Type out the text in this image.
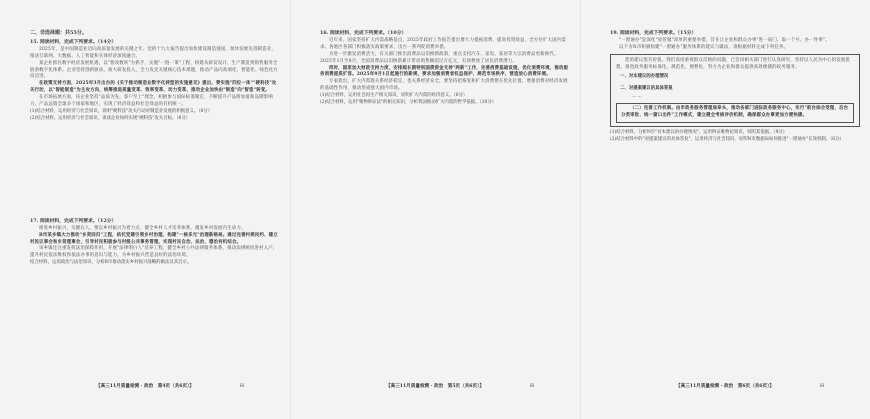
二、非选择题：共55分。
15. 阅读材料，完成下列要求。（14分）
2025年，是中国制造业迈向高质量发展的关键之年。党的十九大报告提出加快建设制造强国，加快发展先进制造业，推动互联网、大数据、人工智能和实体经济深度融合。
某企业抓住数字经济发展机遇，以"智改数转"为抓手，实施"一链一策"工程，构建从研发设计、生产制造到销售服务全链条数字化体系。企业坚持创新驱动，加大研发投入，全力攻克关键核心技术难题，推动产品向高端化、智能化、绿色化方向迈进。
在政策支持方面，2025年3月出台的《关于推动制造业数字化转型的实施意见》提出，要实施"四位一体""硬科技"攻关行动，以"智能制造"为主攻方向，统筹推进质量变革、效率变革、动力变革，推动企业加快由"制造"向"智造"转变。
在市场拓展方面，该企业坚持"品质为先，客户至上"理念，积极参与国际标准制定，不断提升产品附加值和品牌影响力，产品远销全球多个国家和地区，实现了经济效益和社会效益的有机统一。
(1)结合材料，运用经济与社会知识，说明"硬科技"攻关行动对制造业发展的积极意义。（8分）
(2)结合材料，运用经济与社会知识，谈谈企业如何实现"硬科技"攻关目标。（6分）
17. 阅读材料，完成下列要求。（12分）
推进乡村振兴，关键在人。要以乡村振兴为着力点，健全乡村人才培养体系，激发乡村发展内生动力。
B市某乡镇大力推动"乡贤回归"工程，依托党建引领乡村治理，构建"一核多元"治理新格局。通过完善村规民约、建立村民议事会和乡贤理事会，引导村民积极参与村级公共事务管理，实现村民自治、法治、德治有机结合。
该乡镇还注重发挥法治保障作用，开展"法律明白人"培养工程，健全乡村公共法律服务体系，推动法律顾问进村入户，提升村民依法维权和依法办事的意识与能力，为乡村振兴营造良好的法治环境。
结合材料，运用政治与法治知识，分析B市推动落实乡村振兴战略的做法及其启示。
【高三11月质量检测 · 政治　第4页（共6页）】	H
16. 阅读材料，完成下列要求。（10分）
近年来，国家坚持扩大内需战略基点，2025年政府工作报告提出要大力提振消费、提高投资效益，全方位扩大国内需求。各地区各部门积极落实政策要求，出台一系列促消费举措。
为进一步激发消费活力，有关部门推出消费品以旧换新政策，重点支持汽车、家电、家居等大宗消费品更新换代。2025年1月至8月，全国消费品以旧换新累计带动销售额超过万亿元，有效释放了居民消费潜力。
同时，国家加大财政支持力度，安排超长期特别国债资金支持"两新"工作，完善消费基础设施，优化消费环境，推动服务消费提质扩容。2025年9月1日起施行的新规，要求加强消费者权益保护，规范市场秩序，营造放心消费环境。
专家指出，扩大内需既关系经济稳定，也关系经济安全，要坚持把恢复和扩大消费摆在优先位置，增强消费对经济发展的基础性作用，推动形成强大国内市场。
(1)结合材料，运用社会再生产相关知识，说明扩大内需的经济意义。（6分）
(2)结合材料，运用"唯物辩证法"的相关知识，分析我国推动扩大内需的哲学依据。（10分）
【高三11月质量检测 · 政治　第5页（共6页）】	H
19. 阅读材料，完成下列要求。（15分）
"一窗通办"是深化"放管服"改革的重要举措，旨在让企业和群众办事"进一扇门、取一个号、办一件事"。
以下为N市积极构建"一窗通办"服务体系的建议与做法，请根据材料完成下列任务。
您的建议很有价值。我们高度重视群众反映的问题，已会同相关部门进行认真研究，坚持以人民为中心的发展思想，推进政务服务标准化、规范化、便利化，努力为企业和群众提供高效便捷的政务服务。
一、对本建议的办理情况
二、对提案建议的具体答复
……
（二）完善工作机制。由市政务服务管理局牵头，推动各部门进驻政务服务中心，实行"前台综合受理、后台分类审批、统一窗口出件"工作模式，建立健全考核评价机制，确保群众办事更加方便快捷。
(1)结合材料，分析N市"对本建议的办理情况"，运用辩证唯物论知识，说明其依据。（9分）
(2)结合材料中的"对提案建议的具体答复"，运用经济与社会知识，说明N市数据局如何推进"一窗通办"长效机制。（6分）
【高三11月质量检测 · 政治　第6页（共6页）】	H
